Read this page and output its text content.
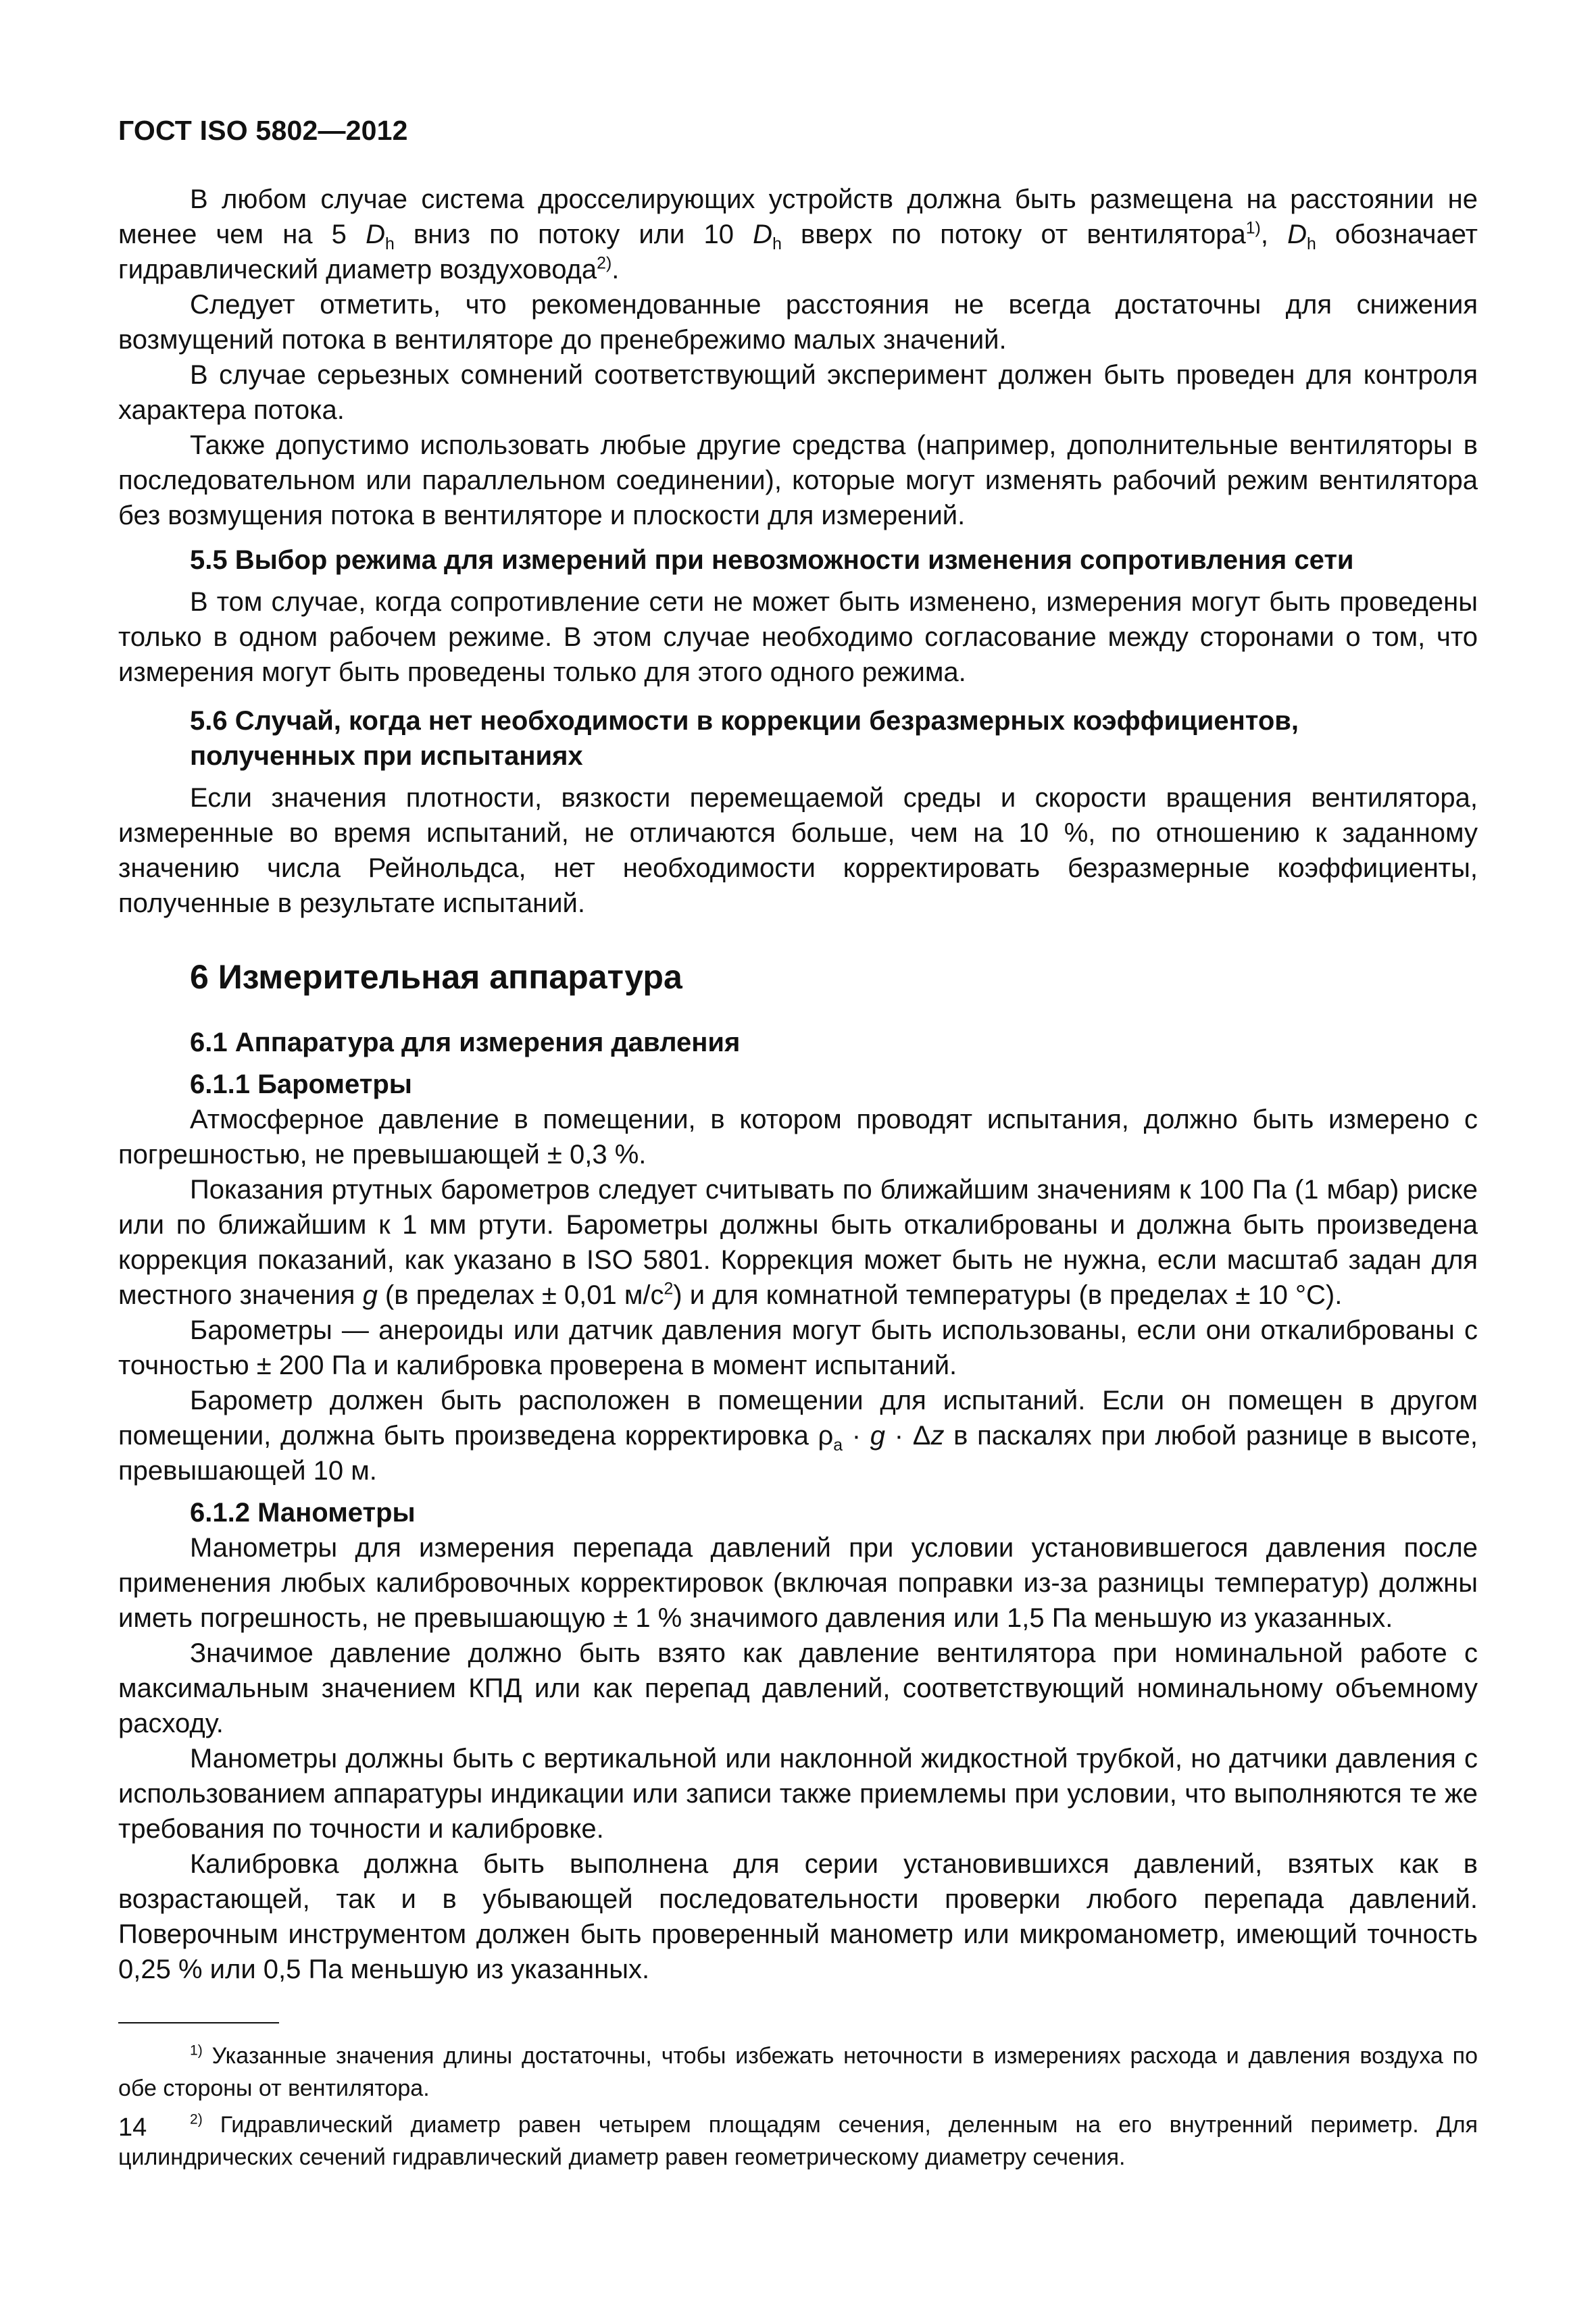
ГОСТ ISO 5802—2012

В любом случае система дросселирующих устройств должна быть размещена на расстоянии не менее чем на 5 $D_h$ вниз по потоку или 10 $D_h$ вверх по потоку от вентилятора$^{1)}$, $D_h$ обозначает гидравлический диаметр воздуховода$^{2)}$.

Следует отметить, что рекомендованные расстояния не всегда достаточны для снижения возмущений потока в вентиляторе до пренебрежимо малых значений.

В случае серьезных сомнений соответствующий эксперимент должен быть проведен для контроля характера потока.

Также допустимо использовать любые другие средства (например, дополнительные вентиляторы в последовательном или параллельном соединении), которые могут изменять рабочий режим вентилятора без возмущения потока в вентиляторе и плоскости для измерений.

5.5 Выбор режима для измерений при невозможности изменения сопротивления сети

В том случае, когда сопротивление сети не может быть изменено, измерения могут быть проведены только в одном рабочем режиме. В этом случае необходимо согласование между сторонами о том, что измерения могут быть проведены только для этого одного режима.

5.6 Случай, когда нет необходимости в коррекции безразмерных коэффициентов,
полученных при испытаниях

Если значения плотности, вязкости перемещаемой среды и скорости вращения вентилятора, измеренные во время испытаний, не отличаются больше, чем на 10 %, по отношению к заданному значению числа Рейнольдса, нет необходимости корректировать безразмерные коэффициенты, полученные в результате испытаний.

6 Измерительная аппаратура
6.1 Аппаратура для измерения давления
6.1.1 Барометры

Атмосферное давление в помещении, в котором проводят испытания, должно быть измерено с погрешностью, не превышающей ± 0,3 %.

Показания ртутных барометров следует считывать по ближайшим значениям к 100 Па (1 мбар) риске или по ближайшим к 1 мм ртути. Барометры должны быть откалиброваны и должна быть произведена коррекция показаний, как указано в ISO 5801. Коррекция может быть не нужна, если масштаб задан для местного значения g (в пределах ± 0,01 $м/с^2$) и для комнатной температуры (в пределах ± 10 °С).

Барометры — анероиды или датчик давления могут быть использованы, если они откалиброваны с точностью ± 200 Па и калибровка проверена в момент испытаний.

Барометр должен быть расположен в помещении для испытаний. Если он помещен в другом помещении, должна быть произведена корректировка $\rho_a \cdot g \cdot \Delta z$ в паскалях при любой разнице в высоте, превышающей 10 м.

6.1.2 Манометры

Манометры для измерения перепада давлений при условии установившегося давления после применения любых калибровочных корректировок (включая поправки из-за разницы температур) должны иметь погрешность, не превышающую ± 1 % значимого давления или 1,5 Па меньшую из указанных.

Значимое давление должно быть взято как давление вентилятора при номинальной работе с максимальным значением КПД или как перепад давлений, соответствующий номинальному объемному расходу.

Манометры должны быть с вертикальной или наклонной жидкостной трубкой, но датчики давления с использованием аппаратуры индикации или записи также приемлемы при условии, что выполняются те же требования по точности и калибровке.

Калибровка должна быть выполнена для серии установившихся давлений, взятых как в возрастающей, так и в убывающей последовательности проверки любого перепада давлений. Поверочным инструментом должен быть проверенный манометр или микроманометр, имеющий точность 0,25 % или 0,5 Па меньшую из указанных.

$^{1)}$ Указанные значения длины достаточны, чтобы избежать неточности в измерениях расхода и давления воздуха по обе стороны от вентилятора.
$^{2)}$ Гидравлический диаметр равен четырем площадям сечения, деленным на его внутренний периметр. Для цилиндрических сечений гидравлический диаметр равен геометрическому диаметру сечения.
14
